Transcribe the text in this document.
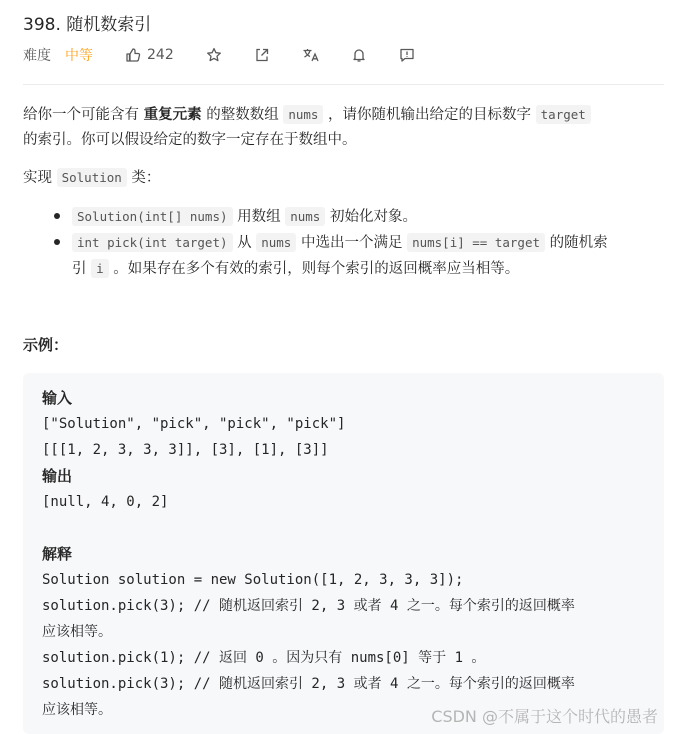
398. 随机数索引
难度 中等	242
给你一个可能含有 重复元素 的整数数组 nums ，请你随机输出给定的目标数字 target
的索引。你可以假设给定的数字一定存在于数组中。
实现 Solution 类：

Solution(int[] nums) 用数组 nums 初始化对象。

int pick(int target) 从 nums 中选出一个满足 nums[i] == target 的随机索
引 i 。如果存在多个有效的索引，则每个索引的返回概率应当相等。

示例：
输入
["Solution", "pick", "pick", "pick"]
[[[1, 2, 3, 3, 3]], [3], [1], [3]]
输出
[null, 4, 0, 2]
解释
Solution solution = new Solution([1, 2, 3, 3, 3]);
solution.pick(3); // 随机返回索引 2, 3 或者 4 之一。每个索引的返回概率
应该相等。
solution.pick(1); // 返回 0 。因为只有 nums[0] 等于 1 。
solution.pick(3); // 随机返回索引 2, 3 或者 4 之一。每个索引的返回概率
应该相等。	CSDN @不属于这个时代的愚者
